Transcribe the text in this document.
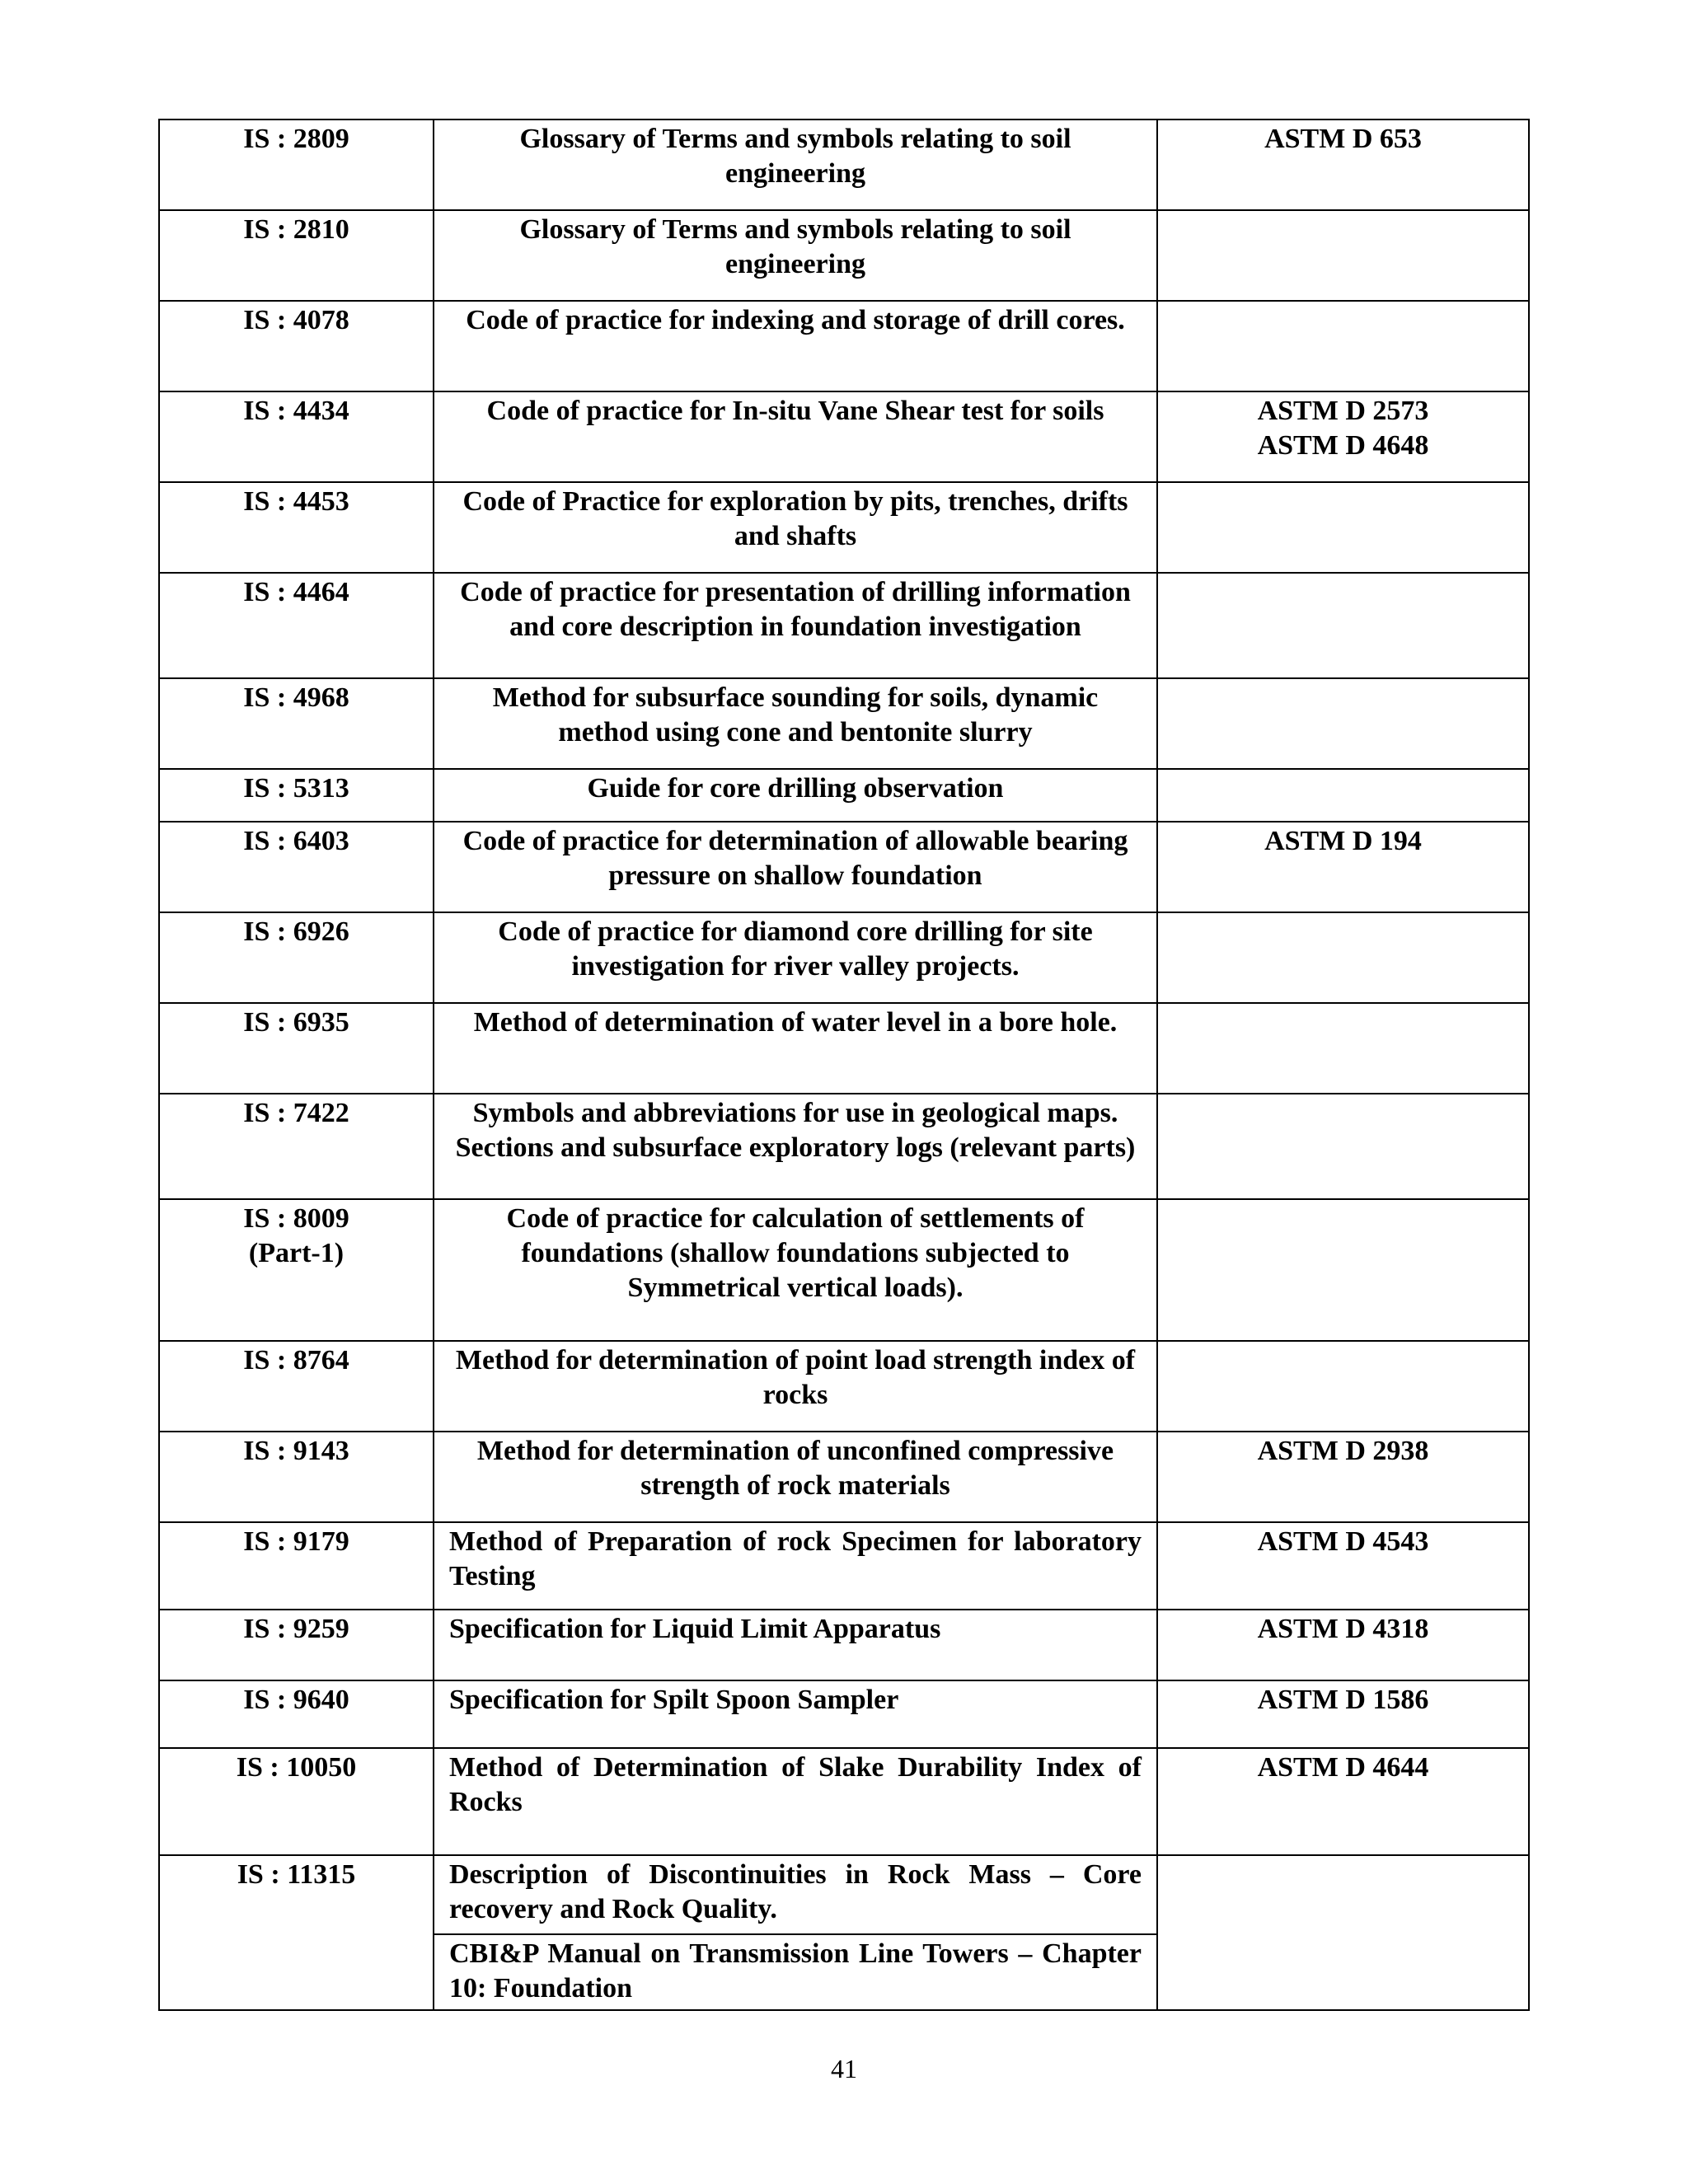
IS : 2809	Glossary of Terms and symbols relating to soil engineering	ASTM D 653

IS : 2810	Glossary of Terms and symbols relating to soil engineering	

IS : 4078	Code of practice for indexing and storage of drill cores.	

IS : 4434	Code of practice for In-situ Vane Shear test for soils	ASTM D 2573
ASTM D 4648

IS : 4453	Code of Practice for exploration by pits, trenches, drifts and shafts	

IS : 4464	Code of practice for presentation of drilling information and core description in foundation investigation	

IS : 4968	Method for subsurface sounding for soils, dynamic method using cone and bentonite slurry	

IS : 5313	Guide for core drilling observation	

IS : 6403	Code of practice for determination of allowable bearing pressure on shallow foundation	ASTM D 194

IS : 6926	Code of practice for diamond core drilling for site investigation for river valley projects.	

IS : 6935	Method of determination of water level in a bore hole.	

IS : 7422	Symbols and abbreviations for use in geological maps. Sections and subsurface exploratory logs (relevant parts)	

IS : 8009
(Part-1)	Code of practice for calculation of settlements of foundations (shallow foundations subjected to Symmetrical vertical loads).	

IS : 8764	Method for determination of point load strength index of rocks	

IS : 9143	Method for determination of unconfined compressive strength of rock materials	ASTM D 2938

IS : 9179	Method of Preparation of rock Specimen for laboratory Testing	ASTM D 4543

IS : 9259	Specification for Liquid Limit Apparatus	ASTM D 4318

IS : 9640	Specification for Spilt Spoon Sampler	ASTM D 1586

IS : 10050	Method of Determination of Slake Durability Index of Rocks	ASTM D 4644

IS : 11315	Description of Discontinuities in Rock Mass – Core recovery and Rock Quality.	
	CBI&P Manual on Transmission Line Towers – Chapter 10: Foundation	
41
